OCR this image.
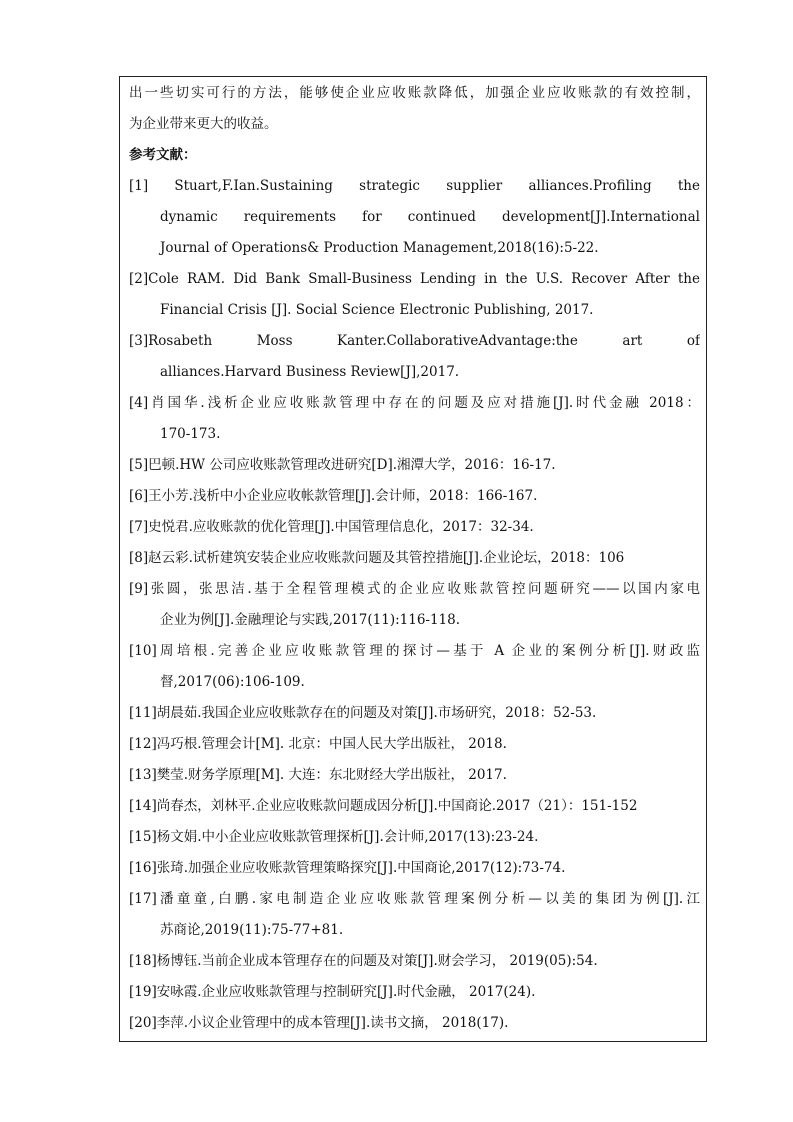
出一些切实可行的方法，能够使企业应收账款降低，加强企业应收账款的有效控制，
为企业带来更大的收益。
参考文献：
[1] Stuart,F.Ian.Sustaining strategic supplier alliances.Profiling the
dynamic requirements for continued development[J].International
Journal of Operations& Production Management,2018(16):5-22.
[2]Cole RAM. Did Bank Small-Business Lending in the U.S. Recover After the
Financial Crisis [J]. Social Science Electronic Publishing, 2017.
[3]Rosabeth Moss Kanter.CollaborativeAdvantage:the art of
alliances.Harvard Business Review[J],2017.
[4]肖国华.浅析企业应收账款管理中存在的问题及应对措施[J].时代金融 2018：
170-173.
[5]巴顿.HW 公司应收账款管理改进研究[D].湘潭大学，2016：16-17.
[6]王小芳.浅析中小企业应收帐款管理[J].会计师，2018：166-167.
[7]史悦君.应收账款的优化管理[J].中国管理信息化，2017：32-34.
[8]赵云彩.试析建筑安装企业应收账款问题及其管控措施[J].企业论坛，2018：106
[9]张圆，张思洁.基于全程管理模式的企业应收账款管控问题研究——以国内家电
企业为例[J].金融理论与实践,2017(11):116-118.
[10]周培根.完善企业应收账款管理的探讨—基于 A 企业的案例分析[J].财政监
督,2017(06):106-109.
[11]胡晨茹.我国企业应收账款存在的问题及对策[J].市场研究，2018：52-53.
[12]冯巧根.管理会计[M]. 北京：中国人民大学出版社， 2018.
[13]樊莹.财务学原理[M]. 大连：东北财经大学出版社， 2017.
[14]尚春杰，刘林平.企业应收账款问题成因分析[J].中国商论.2017（21）：151-152
[15]杨文娟.中小企业应收账款管理探析[J].会计师,2017(13):23-24.
[16]张琦.加强企业应收账款管理策略探究[J].中国商论,2017(12):73-74.
[17]潘童童,白鹏.家电制造企业应收账款管理案例分析—以美的集团为例[J].江
苏商论,2019(11):75-77+81.
[18]杨博钰.当前企业成本管理存在的问题及对策[J].财会学习， 2019(05):54.
[19]安咏霞.企业应收账款管理与控制研究[J].时代金融， 2017(24).
[20]李萍.小议企业管理中的成本管理[J].读书文摘， 2018(17).
